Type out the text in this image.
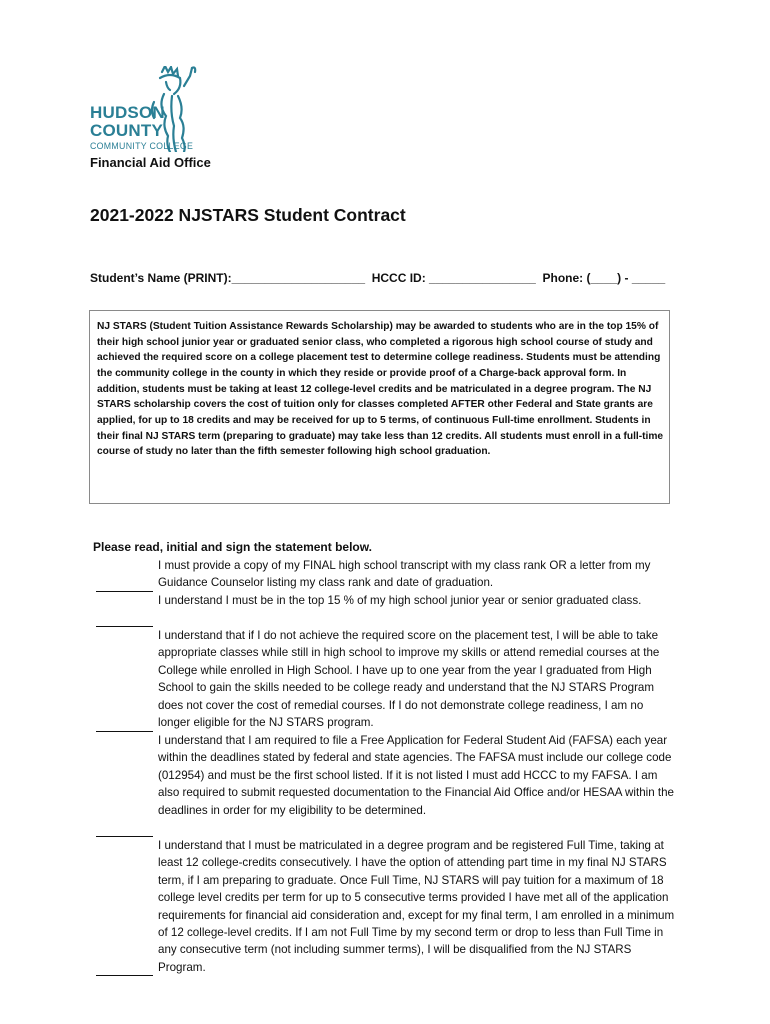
HUDSON
COUNTY
COMMUNITY COLLEGE
Financial Aid Office
2021-2022 NJSTARS Student Contract
Student’s Name (PRINT):____________________  HCCC ID: ________________  Phone: (____) - _____
NJ STARS (Student Tuition Assistance Rewards Scholarship) may be awarded to students who are in the top 15% of their high school junior year or graduated senior class, who completed a rigorous high school course of study and achieved the required score on a college placement test to determine college readiness. Students must be attending the community college in the county in which they reside or provide proof of a Charge-back approval form. In addition, students must be taking at least 12 college-level credits and be matriculated in a degree program. The NJ STARS scholarship covers the cost of tuition only for classes completed AFTER other Federal and State grants are applied, for up to 18 credits and may be received for up to 5 terms, of continuous Full-time enrollment. Students in their final NJ STARS term (preparing to graduate) may take less than 12 credits. All students must enroll in a full-time course of study no later than the fifth semester following high school graduation.
Please read, initial and sign the statement below.
I must provide a copy of my FINAL high school transcript with my class rank OR a letter from my Guidance Counselor listing my class rank and date of graduation.
I understand I must be in the top 15 % of my high school junior year or senior graduated class.
I understand that if I do not achieve the required score on the placement test, I will be able to take appropriate classes while still in high school to improve my skills or attend remedial courses at the College while enrolled in High School. I have up to one year from the year I graduated from High School to gain the skills needed to be college ready and understand that the NJ STARS Program does not cover the cost of remedial courses. If I do not demonstrate college readiness, I am no longer eligible for the NJ STARS program.
I understand that I am required to file a Free Application for Federal Student Aid (FAFSA) each year within the deadlines stated by federal and state agencies. The FAFSA must include our college code (012954) and must be the first school listed. If it is not listed I must add HCCC to my FAFSA. I am also required to submit requested documentation to the Financial Aid Office and/or HESAA within the deadlines in order for my eligibility to be determined.
I understand that I must be matriculated in a degree program and be registered Full Time, taking at least 12 college-credits consecutively. I have the option of attending part time in my final NJ STARS term, if I am preparing to graduate. Once Full Time, NJ STARS will pay tuition for a maximum of 18 college level credits per term for up to 5 consecutive terms provided I have met all of the application requirements for financial aid consideration and, except for my final term, I am enrolled in a minimum of 12 college-level credits. If I am not Full Time by my second term or drop to less than Full Time in any consecutive term (not including summer terms), I will be disqualified from the NJ STARS Program.
